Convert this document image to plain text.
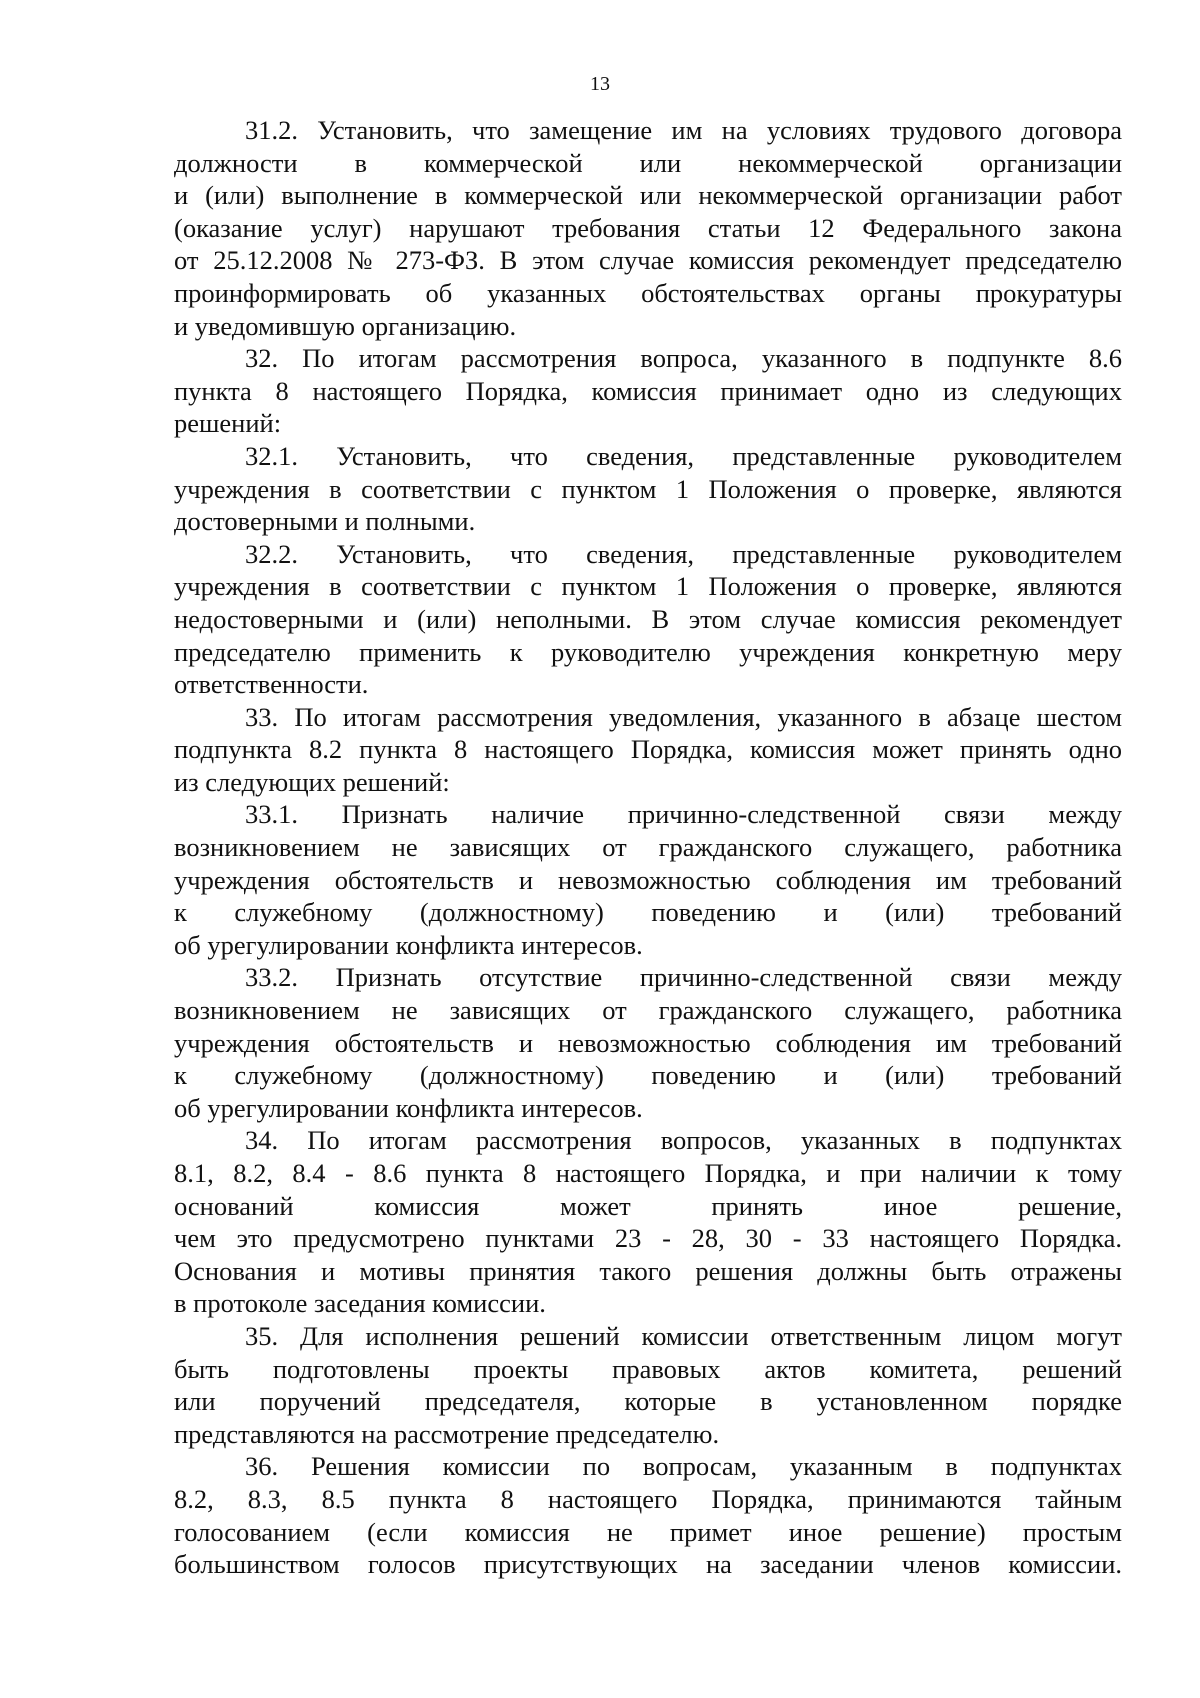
13
31.2. Установить, что замещение им на условиях трудового договора
должности в коммерческой или некоммерческой организации
и (или) выполнение в коммерческой или некоммерческой организации работ
(оказание услуг) нарушают требования статьи 12 Федерального закона
от 25.12.2008 № 273-ФЗ. В этом случае комиссия рекомендует председателю
проинформировать об указанных обстоятельствах органы прокуратуры
и уведомившую организацию.
32. По итогам рассмотрения вопроса, указанного в подпункте 8.6
пункта 8 настоящего Порядка, комиссия принимает одно из следующих
решений:
32.1. Установить, что сведения, представленные руководителем
учреждения в соответствии с пунктом 1 Положения о проверке, являются
достоверными и полными.
32.2. Установить, что сведения, представленные руководителем
учреждения в соответствии с пунктом 1 Положения о проверке, являются
недостоверными и (или) неполными. В этом случае комиссия рекомендует
председателю применить к руководителю учреждения конкретную меру
ответственности.
33. По итогам рассмотрения уведомления, указанного в абзаце шестом
подпункта 8.2 пункта 8 настоящего Порядка, комиссия может принять одно
из следующих решений:
33.1. Признать наличие причинно-следственной связи между
возникновением не зависящих от гражданского служащего, работника
учреждения обстоятельств и невозможностью соблюдения им требований
к служебному (должностному) поведению и (или) требований
об урегулировании конфликта интересов.
33.2. Признать отсутствие причинно-следственной связи между
возникновением не зависящих от гражданского служащего, работника
учреждения обстоятельств и невозможностью соблюдения им требований
к служебному (должностному) поведению и (или) требований
об урегулировании конфликта интересов.
34. По итогам рассмотрения вопросов, указанных в подпунктах
8.1, 8.2, 8.4 - 8.6 пункта 8 настоящего Порядка, и при наличии к тому
оснований комиссия может принять иное решение,
чем это предусмотрено пунктами 23 - 28, 30 - 33 настоящего Порядка.
Основания и мотивы принятия такого решения должны быть отражены
в протоколе заседания комиссии.
35. Для исполнения решений комиссии ответственным лицом могут
быть подготовлены проекты правовых актов комитета, решений
или поручений председателя, которые в установленном порядке
представляются на рассмотрение председателю.
36. Решения комиссии по вопросам, указанным в подпунктах
8.2, 8.3, 8.5 пункта 8 настоящего Порядка, принимаются тайным
голосованием (если комиссия не примет иное решение) простым
большинством голосов присутствующих на заседании членов комиссии.
